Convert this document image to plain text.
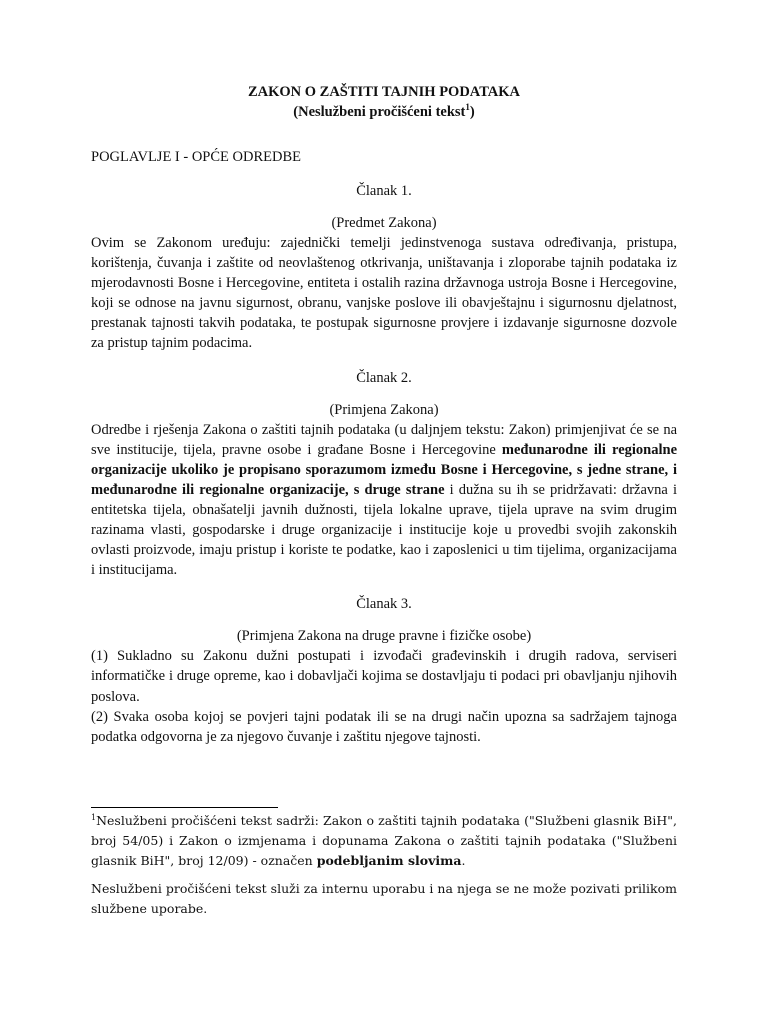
ZAKON O ZAŠTITI TAJNIH PODATAKA
(Neslužbeni pročišćeni tekst$^1$)
POGLAVLJE I - OPĆE ODREDBE
Članak 1.
(Predmet Zakona)

Ovim se Zakonom uređuju: zajednički temelji jedinstvenoga sustava određivanja, pristupa, korištenja, čuvanja i zaštite od neovlaštenog otkrivanja, uništavanja i zloporabe tajnih podataka iz mjerodavnosti Bosne i Hercegovine, entiteta i ostalih razina državnoga ustroja Bosne i Hercegovine, koji se odnose na javnu sigurnost, obranu, vanjske poslove ili obavještajnu i sigurnosnu djelatnost, prestanak tajnosti takvih podataka, te postupak sigurnosne provjere i izdavanje sigurnosne dozvole za pristup tajnim podacima.

Članak 2.
(Primjena Zakona)

Odredbe i rješenja Zakona o zaštiti tajnih podataka (u daljnjem tekstu: Zakon) primjenjivat će se na sve institucije, tijela, pravne osobe i građane Bosne i Hercegovine međunarodne ili regionalne organizacije ukoliko je propisano sporazumom između Bosne i Hercegovine, s jedne strane, i međunarodne ili regionalne organizacije, s druge strane i dužna su ih se pridržavati: državna i entitetska tijela, obnašatelji javnih dužnosti, tijela lokalne uprave, tijela uprave na svim drugim razinama vlasti, gospodarske i druge organizacije i institucije koje u provedbi svojih zakonskih ovlasti proizvode, imaju pristup i koriste te podatke, kao i zaposlenici u tim tijelima, organizacijama i institucijama.

Članak 3.
(Primjena Zakona na druge pravne i fizičke osobe)

(1) Sukladno su Zakonu dužni postupati i izvođači građevinskih i drugih radova, serviseri informatičke i druge opreme, kao i dobavljači kojima se dostavljaju ti podaci pri obavljanju njihovih poslova.

(2) Svaka osoba kojoj se povjeri tajni podatak ili se na drugi način upozna sa sadržajem tajnoga podatka odgovorna je za njegovo čuvanje i zaštitu njegove tajnosti.

$^1$Neslužbeni pročišćeni tekst sadrži: Zakon o zaštiti tajnih podataka ("Službeni glasnik BiH", broj 54/05) i Zakon o izmjenama i dopunama Zakona o zaštiti tajnih podataka ("Službeni glasnik BiH", broj 12/09) - označen podebljanim slovima.

Neslužbeni pročišćeni tekst služi za internu uporabu i na njega se ne može pozivati prilikom službene uporabe.
